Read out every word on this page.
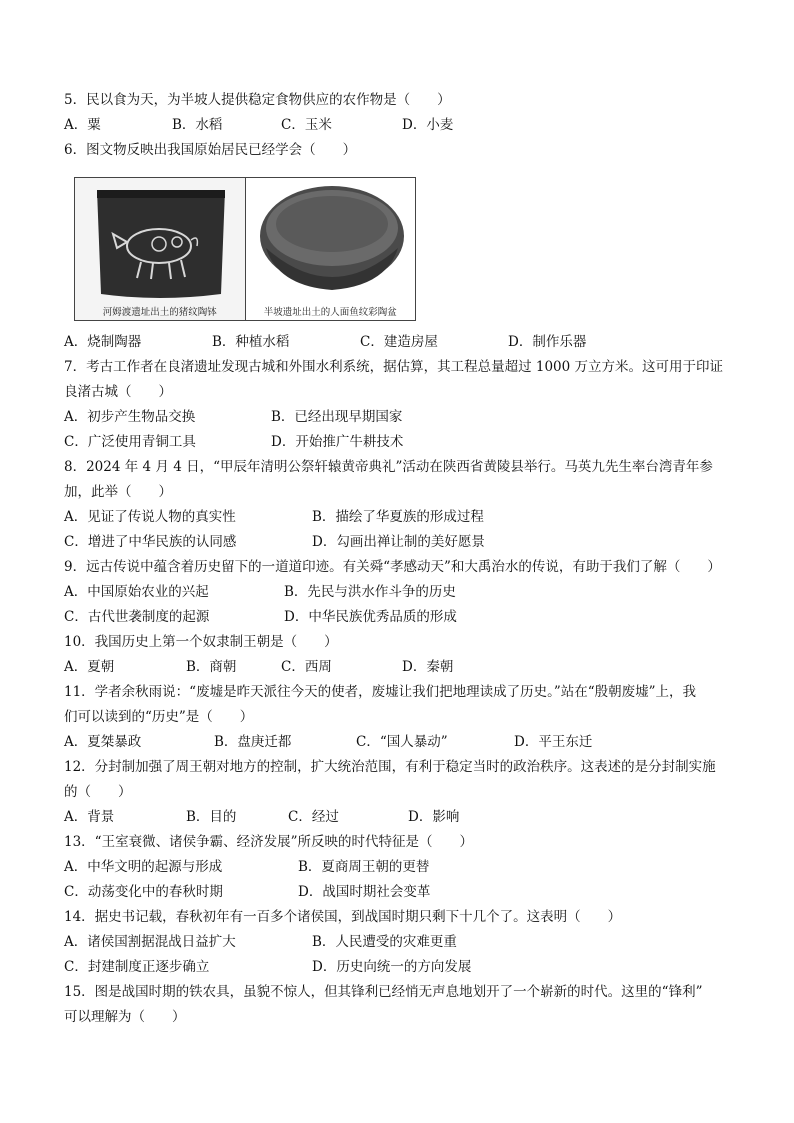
5．民以食为天，为半坡人提供稳定食物供应的农作物是（　　）
A．粟	B．水稻	C．玉米	D．小麦
6．图文物反映出我国原始居民已经学会（　　）
河姆渡遗址出土的猪纹陶钵	半坡遗址出土的人面鱼纹彩陶盆
A．烧制陶器	B．种植水稻	C．建造房屋	D．制作乐器
7．考古工作者在良渚遗址发现古城和外围水利系统，据估算，其工程总量超过 1000 万立方米。这可用于印证
良渚古城（　　）
A．初步产生物品交换	B．已经出现早期国家
C．广泛使用青铜工具	D．开始推广牛耕技术
8．2024 年 4 月 4 日，“甲辰年清明公祭轩辕黄帝典礼”活动在陕西省黄陵县举行。马英九先生率台湾青年参
加，此举（　　）
A．见证了传说人物的真实性	B．描绘了华夏族的形成过程
C．增进了中华民族的认同感	D．勾画出禅让制的美好愿景
9．远古传说中蕴含着历史留下的一道道印迹。有关舜“孝感动天”和大禹治水的传说，有助于我们了解（　　）
A．中国原始农业的兴起	B．先民与洪水作斗争的历史
C．古代世袭制度的起源	D．中华民族优秀品质的形成
10．我国历史上第一个奴隶制王朝是（　　）
A．夏朝	B．商朝	C．西周	D．秦朝
11．学者余秋雨说：“废墟是昨天派往今天的使者，废墟让我们把地理读成了历史。”站在“殷朝废墟”上，我
们可以读到的“历史”是（　　）
A．夏桀暴政	B．盘庚迁都	C．“国人暴动”	D．平王东迁
12．分封制加强了周王朝对地方的控制，扩大统治范围，有利于稳定当时的政治秩序。这表述的是分封制实施
的（　　）
A．背景	B．目的	C．经过	D．影响
13．“王室衰微、诸侯争霸、经济发展”所反映的时代特征是（　　）
A．中华文明的起源与形成	B．夏商周王朝的更替
C．动荡变化中的春秋时期	D．战国时期社会变革
14．据史书记载，春秋初年有一百多个诸侯国，到战国时期只剩下十几个了。这表明（　　）
A．诸侯国割据混战日益扩大	B．人民遭受的灾难更重
C．封建制度正逐步确立	D．历史向统一的方向发展
15．图是战国时期的铁农具，虽貌不惊人，但其锋利已经悄无声息地划开了一个崭新的时代。这里的“锋利”
可以理解为（　　）
